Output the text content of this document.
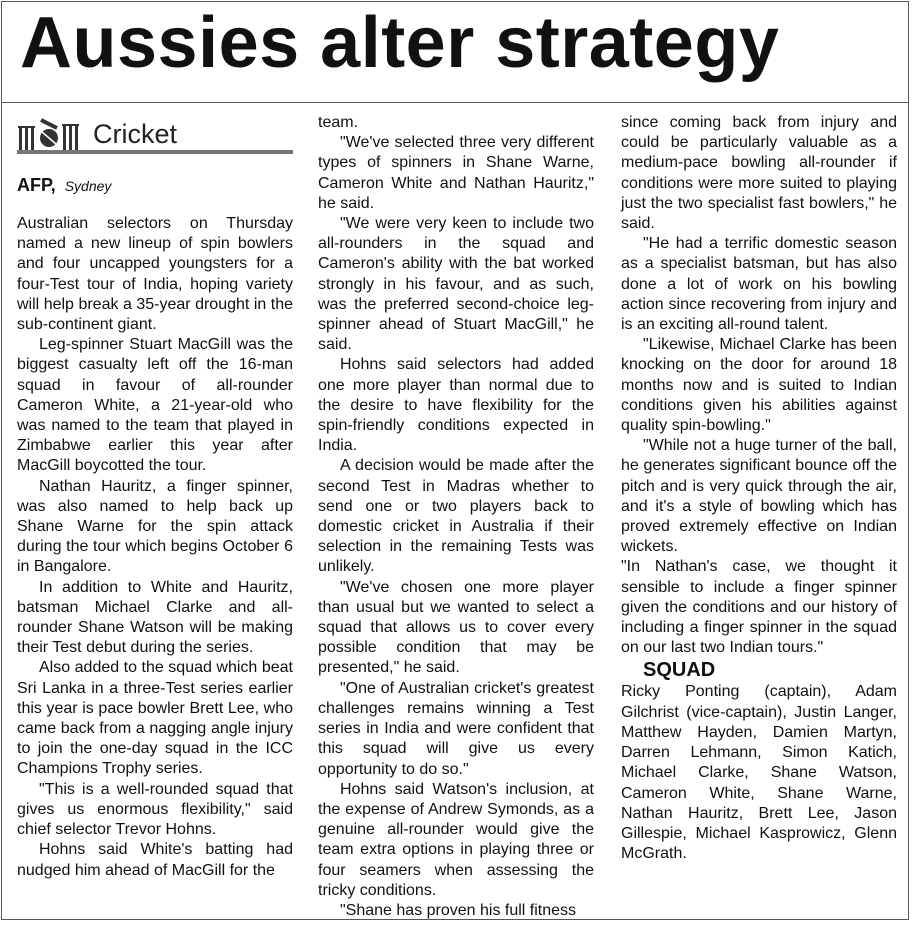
Aussies alter strategy
Cricket
AFP, Sydney

Australian selectors on Thursday named a new lineup of spin bowlers and four uncapped youngsters for a four-Test tour of India, hoping variety will help break a 35-year drought in the sub-continent giant.

Leg-spinner Stuart MacGill was the biggest casualty left off the 16-man squad in favour of all-rounder Cameron White, a 21-year-old who was named to the team that played in Zimbabwe earlier this year after MacGill boycotted the tour.

Nathan Hauritz, a finger spinner, was also named to help back up Shane Warne for the spin attack during the tour which begins October 6 in Bangalore.

In addition to White and Hauritz, batsman Michael Clarke and all-rounder Shane Watson will be making their Test debut during the series.

Also added to the squad which beat Sri Lanka in a three-Test series earlier this year is pace bowler Brett Lee, who came back from a nagging angle injury to join the one-day squad in the ICC Champions Trophy series.

"This is a well-rounded squad that gives us enormous flexibility," said chief selector Trevor Hohns.

Hohns said White's batting had nudged him ahead of MacGill for the

team.

"We've selected three very different types of spinners in Shane Warne, Cameron White and Nathan Hauritz," he said.

"We were very keen to include two all-rounders in the squad and Cameron's ability with the bat worked strongly in his favour, and as such, was the preferred second-choice leg-spinner ahead of Stuart MacGill," he said.

Hohns said selectors had added one more player than normal due to the desire to have flexibility for the spin-friendly conditions expected in India.

A decision would be made after the second Test in Madras whether to send one or two players back to domestic cricket in Australia if their selection in the remaining Tests was unlikely.

"We've chosen one more player than usual but we wanted to select a squad that allows us to cover every possible condition that may be presented," he said.

"One of Australian cricket's greatest challenges remains winning a Test series in India and were confident that this squad will give us every opportunity to do so."

Hohns said Watson's inclusion, at the expense of Andrew Symonds, as a genuine all-rounder would give the team extra options in playing three or four seamers when assessing the tricky conditions.

"Shane has proven his full fitness

since coming back from injury and could be particularly valuable as a medium-pace bowling all-rounder if conditions were more suited to playing just the two specialist fast bowlers," he said.

"He had a terrific domestic season as a specialist batsman, but has also done a lot of work on his bowling action since recovering from injury and is an exciting all-round talent.

"Likewise, Michael Clarke has been knocking on the door for around 18 months now and is suited to Indian conditions given his abilities against quality spin-bowling."

"While not a huge turner of the ball, he generates significant bounce off the pitch and is very quick through the air, and it's a style of bowling which has proved extremely effective on Indian wickets.

"In Nathan's case, we thought it sensible to include a finger spinner given the conditions and our history of including a finger spinner in the squad on our last two Indian tours."

SQUAD

Ricky Ponting (captain), Adam Gilchrist (vice-captain), Justin Langer, Matthew Hayden, Damien Martyn, Darren Lehmann, Simon Katich, Michael Clarke, Shane Watson, Cameron White, Shane Warne, Nathan Hauritz, Brett Lee, Jason Gillespie, Michael Kasprowicz, Glenn McGrath.
